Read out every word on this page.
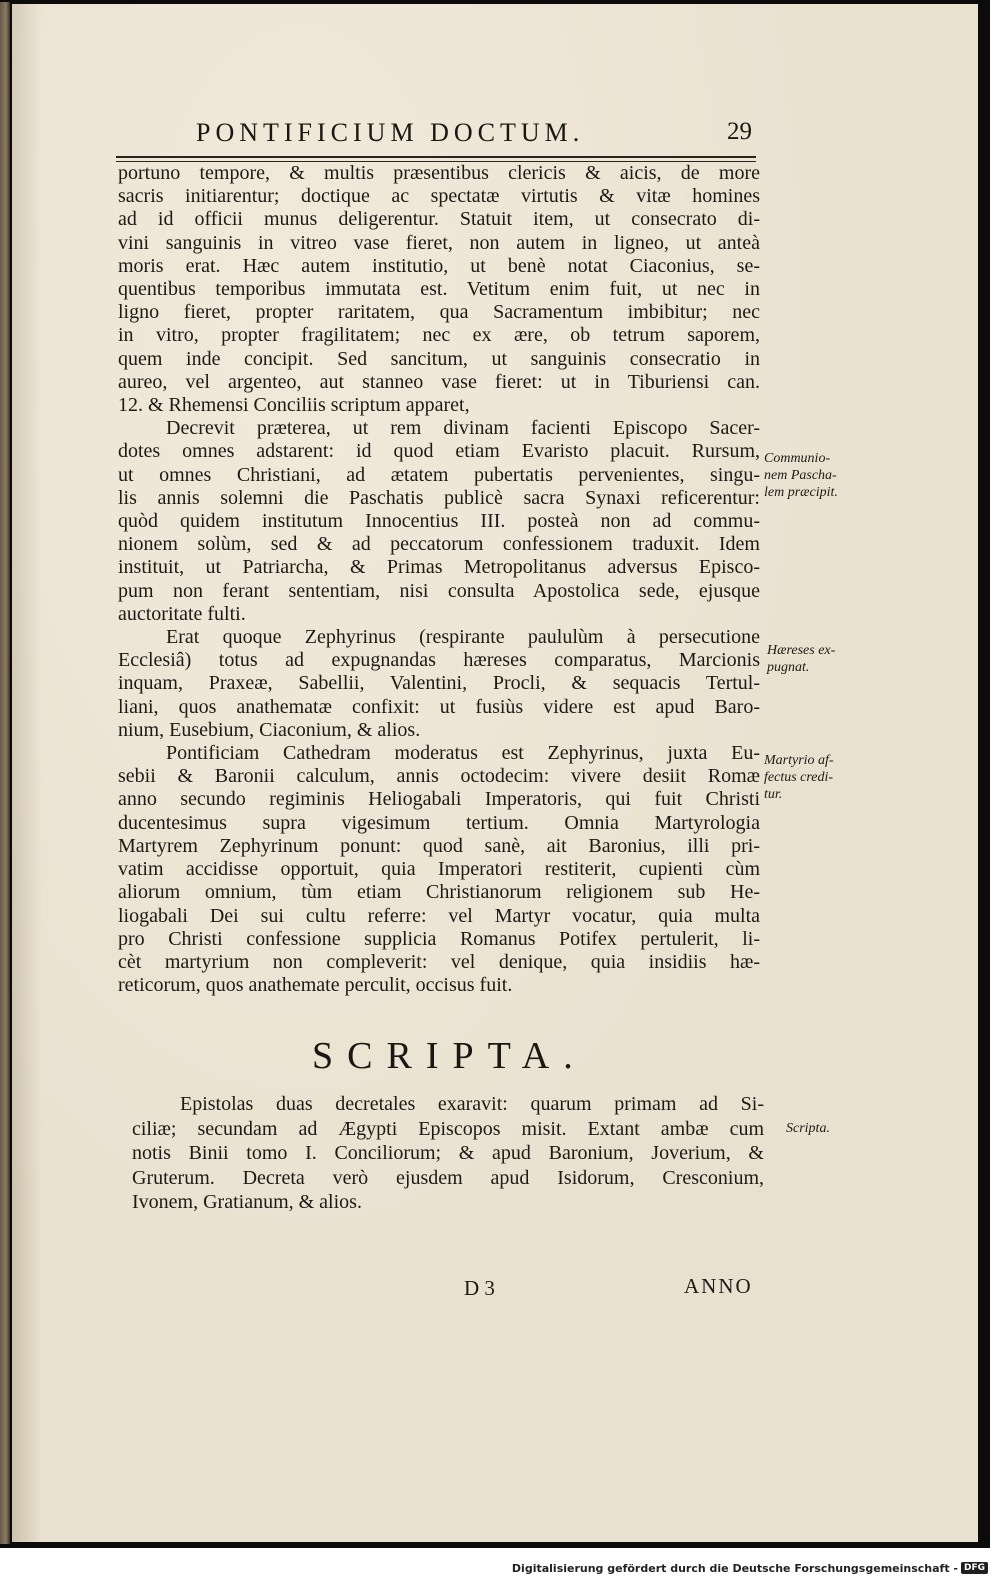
PONTIFICIUM DOCTUM.	29
portuno tempore, & multis præsentibus clericis & aicis, de more
sacris initiarentur; doctique ac spectatæ virtutis & vitæ homines
ad id officii munus deligerentur. Statuit item, ut consecrato di-
vini sanguinis in vitreo vase fieret, non autem in ligneo, ut anteà
moris erat. Hæc autem institutio, ut benè notat Ciaconius, se-
quentibus temporibus immutata est. Vetitum enim fuit, ut nec in
ligno fieret, propter raritatem, qua Sacramentum imbibitur; nec
in vitro, propter fragilitatem; nec ex ære, ob tetrum saporem,
quem inde concipit. Sed sancitum, ut sanguinis consecratio in
aureo, vel argenteo, aut stanneo vase fieret: ut in Tiburiensi can.
12. & Rhemensi Conciliis scriptum apparet,
Decrevit præterea, ut rem divinam facienti Episcopo Sacer-
dotes omnes adstarent: id quod etiam Evaristo placuit. Rursum,
ut omnes Christiani, ad ætatem pubertatis pervenientes, singu-
lis annis solemni die Paschatis publicè sacra Synaxi reficerentur:
quòd quidem institutum Innocentius III. posteà non ad commu-
nionem solùm, sed & ad peccatorum confessionem traduxit. Idem
instituit, ut Patriarcha, & Primas Metropolitanus adversus Episco-
pum non ferant sententiam, nisi consulta Apostolica sede, ejusque
auctoritate fulti.
Erat quoque Zephyrinus (respirante paululùm à persecutione
Ecclesiâ) totus ad expugnandas hæreses comparatus, Marcionis
inquam, Praxeæ, Sabellii, Valentini, Procli, & sequacis Tertul-
liani, quos anathematæ confixit: ut fusiùs videre est apud Baro-
nium, Eusebium, Ciaconium, & alios.
Pontificiam Cathedram moderatus est Zephyrinus, juxta Eu-
sebii & Baronii calculum, annis octodecim: vivere desiit Romæ
anno secundo regiminis Heliogabali Imperatoris, qui fuit Christi
ducentesimus supra vigesimum tertium. Omnia Martyrologia
Martyrem Zephyrinum ponunt: quod sanè, ait Baronius, illi pri-
vatim accidisse opportuit, quia Imperatori restiterit, cupienti cùm
aliorum omnium, tùm etiam Christianorum religionem sub He-
liogabali Dei sui cultu referre: vel Martyr vocatur, quia multa
pro Christi confessione supplicia Romanus Potifex pertulerit, li-
cèt martyrium non compleverit: vel denique, quia insidiis hæ-
reticorum, quos anathemate perculit, occisus fuit.
Communio-
nem Pascha-
lem præcipit.
Hæreses ex-
pugnat.
Martyrio af-
fectus credi-
tur.
Scripta.
SCRIPTA.
Epistolas duas decretales exaravit: quarum primam ad Si-
ciliæ; secundam ad Ægypti Episcopos misit. Extant ambæ cum
notis Binii tomo I. Conciliorum; & apud Baronium, Joverium, &
Gruterum. Decreta verò ejusdem apud Isidorum, Cresconium,
Ivonem, Gratianum, & alios.
D 3	ANNO
Digitalisierung gefördert durch die Deutsche Forschungsgemeinschaft - DFG
